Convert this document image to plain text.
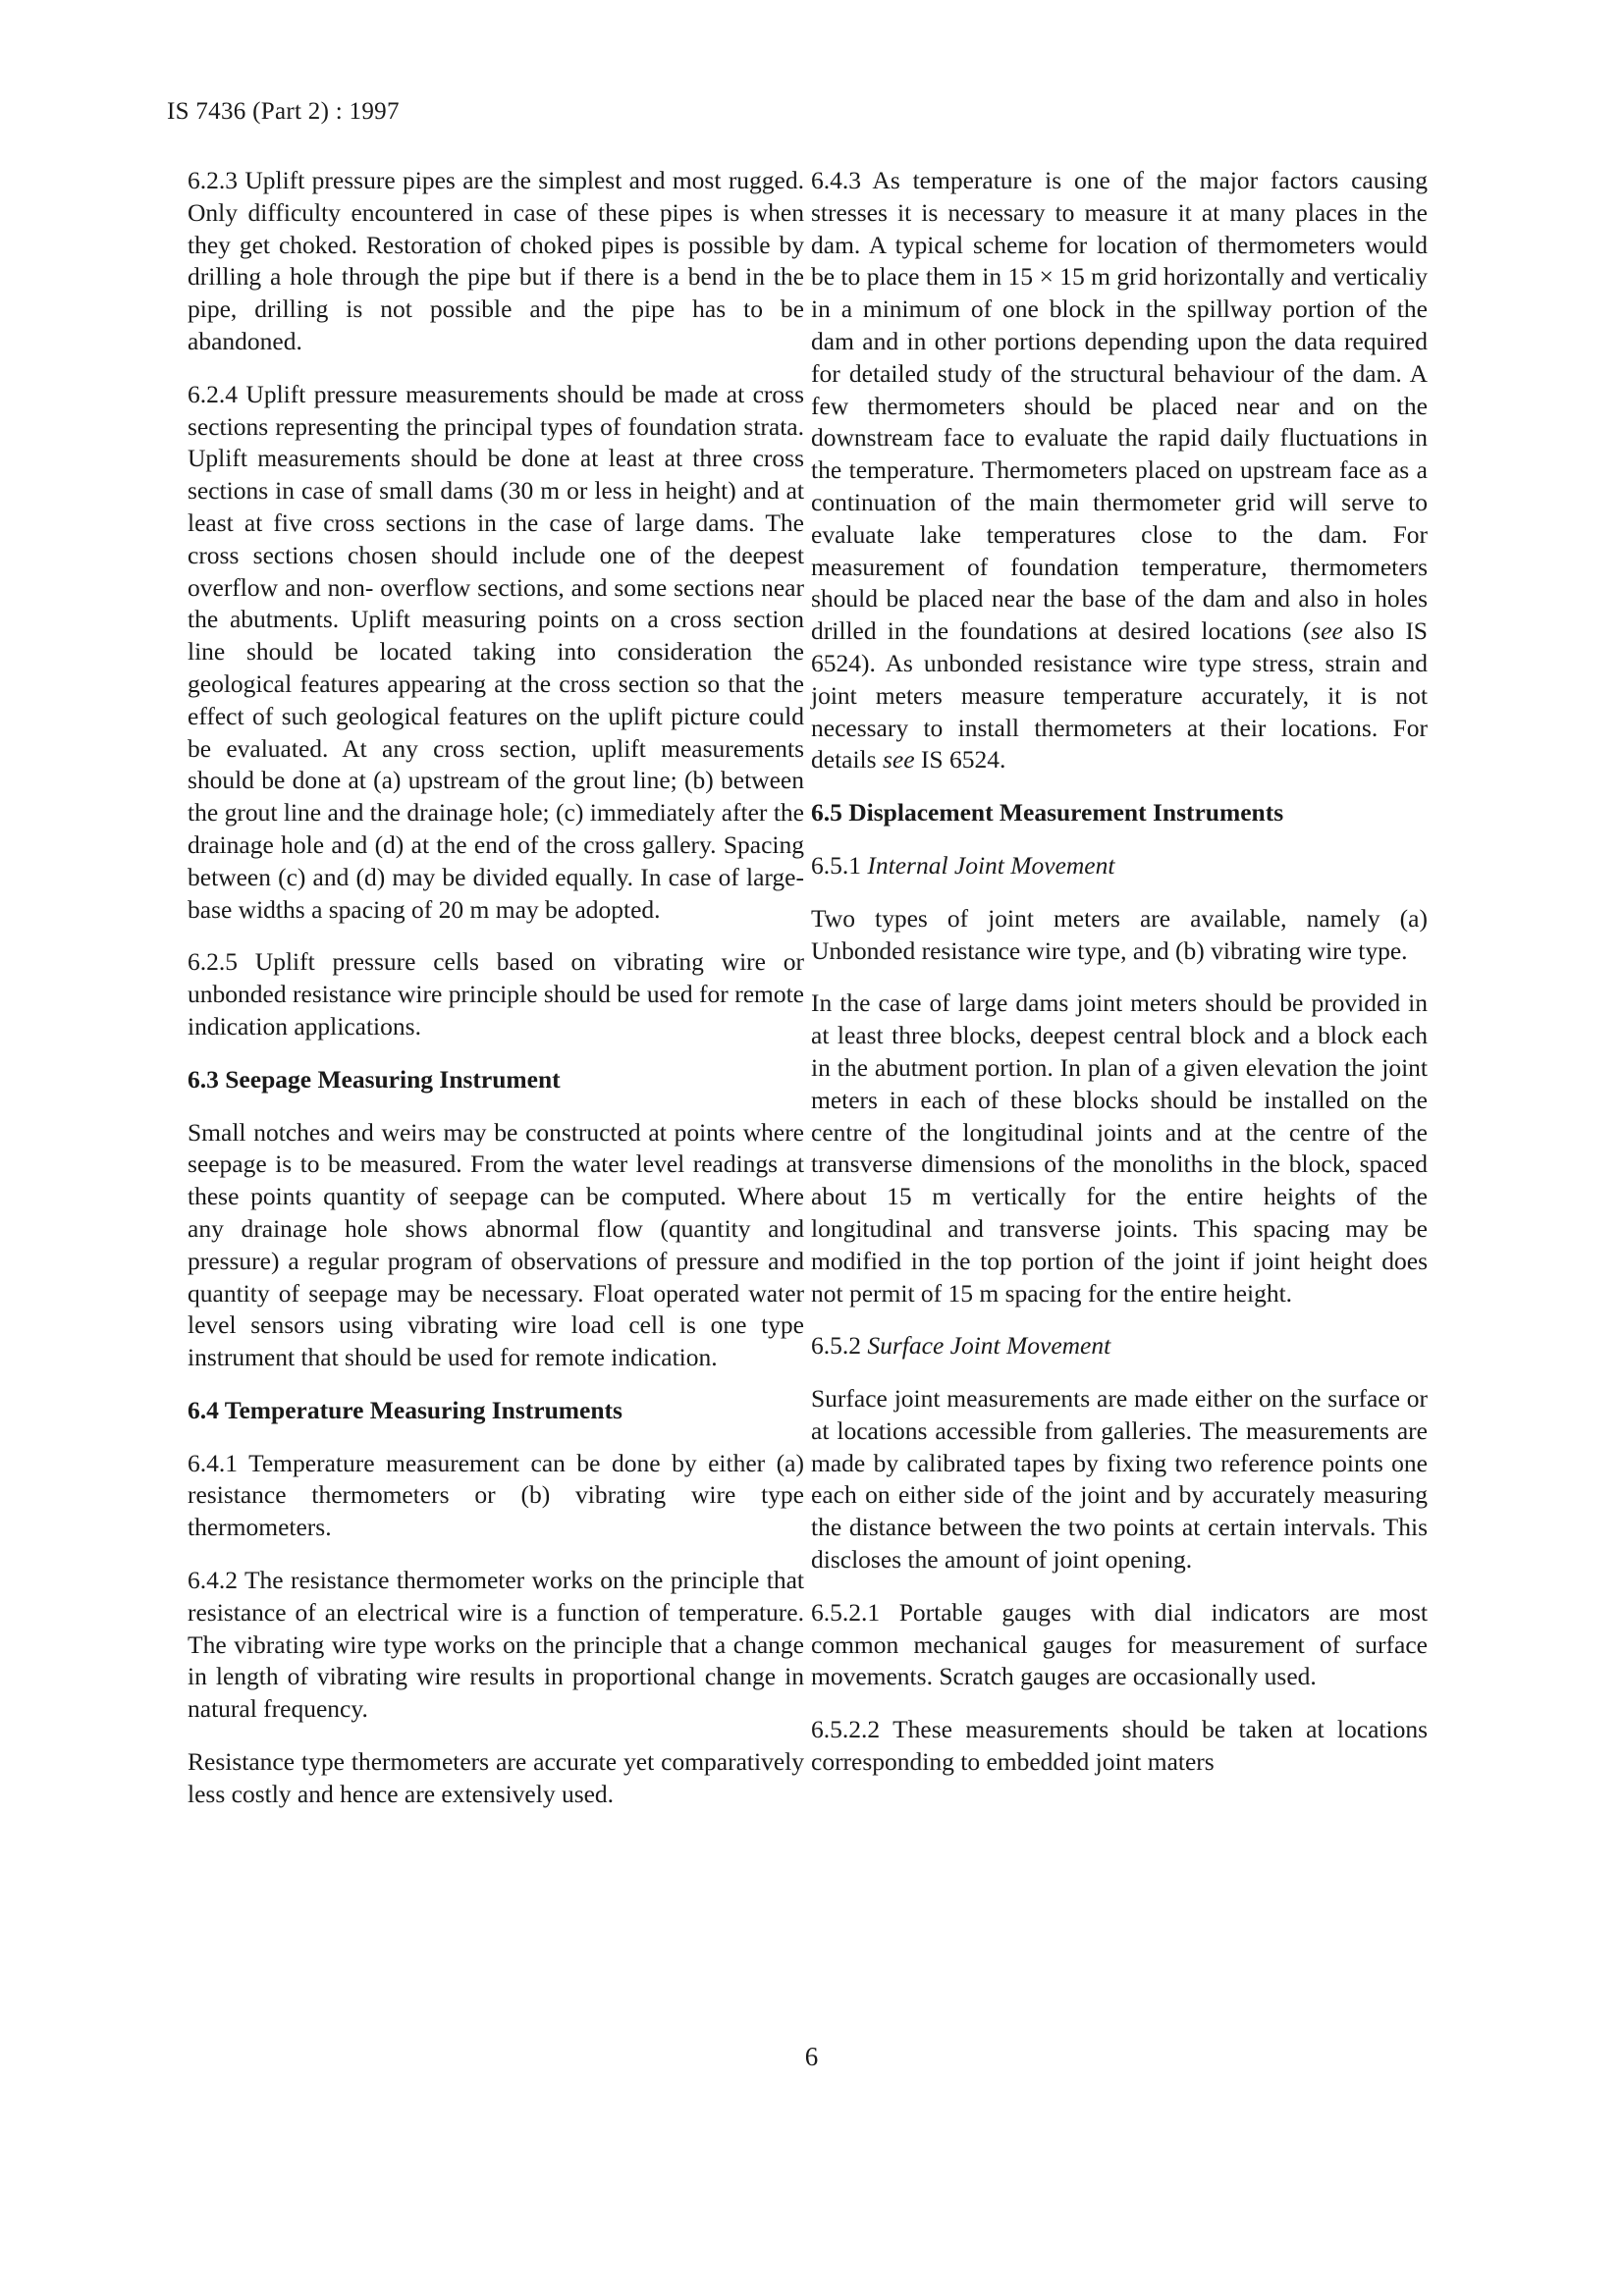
IS 7436 (Part 2) : 1997

6.2.3 Uplift pressure pipes are the simplest and most rugged. Only difficulty encountered in case of these pipes is when they get choked. Restoration of choked pipes is possible by drilling a hole through the pipe but if there is a bend in the pipe, drilling is not possible and the pipe has to be abandoned.

6.2.4 Uplift pressure measurements should be made at cross sections representing the principal types of foundation strata. Uplift measurements should be done at least at three cross sections in case of small dams (30 m or less in height) and at least at five cross sections in the case of large dams. The cross sections chosen should include one of the deepest overflow and non- overflow sections, and some sections near the abutments. Uplift measuring points on a cross section line should be located taking into consideration the geological features appearing at the cross section so that the effect of such geological features on the uplift picture could be evaluated. At any cross section, uplift measurements should be done at (a) upstream of the grout line; (b) between the grout line and the drainage hole; (c) immediately after the drainage hole and (d) at the end of the cross gallery. Spacing between (c) and (d) may be divided equally. In case of large-base widths a spacing of 20 m may be adopted.

6.2.5 Uplift pressure cells based on vibrating wire or unbonded resistance wire principle should be used for remote indication applications.

6.3 Seepage Measuring Instrument

Small notches and weirs may be constructed at points where seepage is to be measured. From the water level readings at these points quantity of seepage can be computed. Where any drainage hole shows abnormal flow (quantity and pressure) a regular program of observations of pressure and quantity of seepage may be necessary. Float operated water level sensors using vibrating wire load cell is one type instrument that should be used for remote indication.

6.4 Temperature Measuring Instruments

6.4.1 Temperature measurement can be done by either (a) resistance thermometers or (b) vibrating wire type thermometers.

6.4.2 The resistance thermometer works on the principle that resistance of an electrical wire is a function of temperature. The vibrating wire type works on the principle that a change in length of vibrating wire results in proportional change in natural frequency.

Resistance type thermometers are accurate yet comparatively less costly and hence are extensively used.

6.4.3 As temperature is one of the major factors causing stresses it is necessary to measure it at many places in the dam. A typical scheme for location of thermometers would be to place them in 15 × 15 m grid horizontally and verticaliy in a minimum of one block in the spillway portion of the dam and in other portions depending upon the data required for detailed study of the structural behaviour of the dam. A few thermometers should be placed near and on the downstream face to evaluate the rapid daily fluctuations in the temperature. Thermometers placed on upstream face as a continuation of the main thermometer grid will serve to evaluate lake temperatures close to the dam. For measurement of foundation temperature, thermometers should be placed near the base of the dam and also in holes drilled in the foundations at desired locations (see also IS 6524). As unbonded resistance wire type stress, strain and joint meters measure temperature accurately, it is not necessary to install thermometers at their locations. For details see IS 6524.

6.5 Displacement Measurement Instruments

6.5.1 Internal Joint Movement

Two types of joint meters are available, namely (a) Unbonded resistance wire type, and (b) vibrating wire type.

In the case of large dams joint meters should be provided in at least three blocks, deepest central block and a block each in the abutment portion. In plan of a given elevation the joint meters in each of these blocks should be installed on the centre of the longitudinal joints and at the centre of the transverse dimensions of the monoliths in the block, spaced about 15 m vertically for the entire heights of the longitudinal and transverse joints. This spacing may be modified in the top portion of the joint if joint height does not permit of 15 m spacing for the entire height.

6.5.2 Surface Joint Movement

Surface joint measurements are made either on the surface or at locations accessible from galleries. The measurements are made by calibrated tapes by fixing two reference points one each on either side of the joint and by accurately measuring the distance between the two points at certain intervals. This discloses the amount of joint opening.

6.5.2.1 Portable gauges with dial indicators are most common mechanical gauges for measurement of surface movements. Scratch gauges are occasionally used.

6.5.2.2 These measurements should be taken at locations corresponding to embedded joint maters

6
